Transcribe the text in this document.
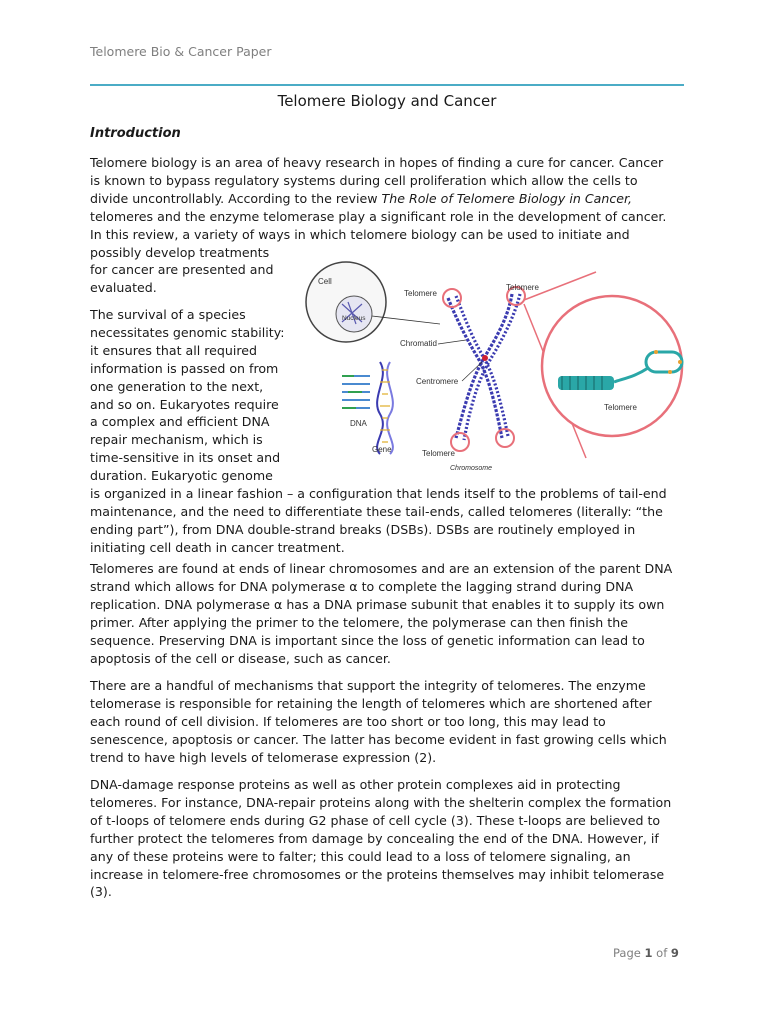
Telomere Bio & Cancer Paper
Telomere Biology and Cancer
Introduction
Telomere biology is an area of heavy research in hopes of finding a cure for cancer. Cancer
is known to bypass regulatory systems during cell proliferation which allow the cells to
divide uncontrollably. According to the review The Role of Telomere Biology in Cancer,
telomeres and the enzyme telomerase play a significant role in the development of cancer.
In this review, a variety of ways in which telomere biology can be used to initiate and
possibly develop treatments
for cancer are presented and
evaluated.
The survival of a species
necessitates genomic stability:
it ensures that all required
information is passed on from
one generation to the next,
and so on. Eukaryotes require
a complex and efficient DNA
repair mechanism, which is
time-sensitive in its onset and
duration. Eukaryotic genome
is organized in a linear fashion – a configuration that lends itself to the problems of tail-end
maintenance, and the need to differentiate these tail-ends, called telomeres (literally: “the
ending part”), from DNA double-strand breaks (DSBs). DSBs are routinely employed in
initiating cell death in cancer treatment.
Telomeres are found at ends of linear chromosomes and are an extension of the parent DNA
strand which allows for DNA polymerase α to complete the lagging strand during DNA
replication. DNA polymerase α has a DNA primase subunit that enables it to supply its own
primer. After applying the primer to the telomere, the polymerase can then finish the
sequence. Preserving DNA is important since the loss of genetic information can lead to
apoptosis of the cell or disease, such as cancer.
There are a handful of mechanisms that support the integrity of telomeres. The enzyme
telomerase is responsible for retaining the length of telomeres which are shortened after
each round of cell division. If telomeres are too short or too long, this may lead to
senescence, apoptosis or cancer. The latter has become evident in fast growing cells which
trend to have high levels of telomerase expression (2).
DNA-damage response proteins as well as other protein complexes aid in protecting
telomeres. For instance, DNA-repair proteins along with the shelterin complex the formation
of t-loops of telomere ends during G2 phase of cell cycle (3). These t-loops are believed to
further protect the telomeres from damage by concealing the end of the DNA. However, if
any of these proteins were to falter; this could lead to a loss of telomere signaling, an
increase in telomere-free chromosomes or the proteins themselves may inhibit telomerase
(3).
Cell
Nucleus
Telomere
Telomere
Chromatid
Centromere
Telomere
Chromosome
DNA
Gene
Telomere
Page 1 of 9
